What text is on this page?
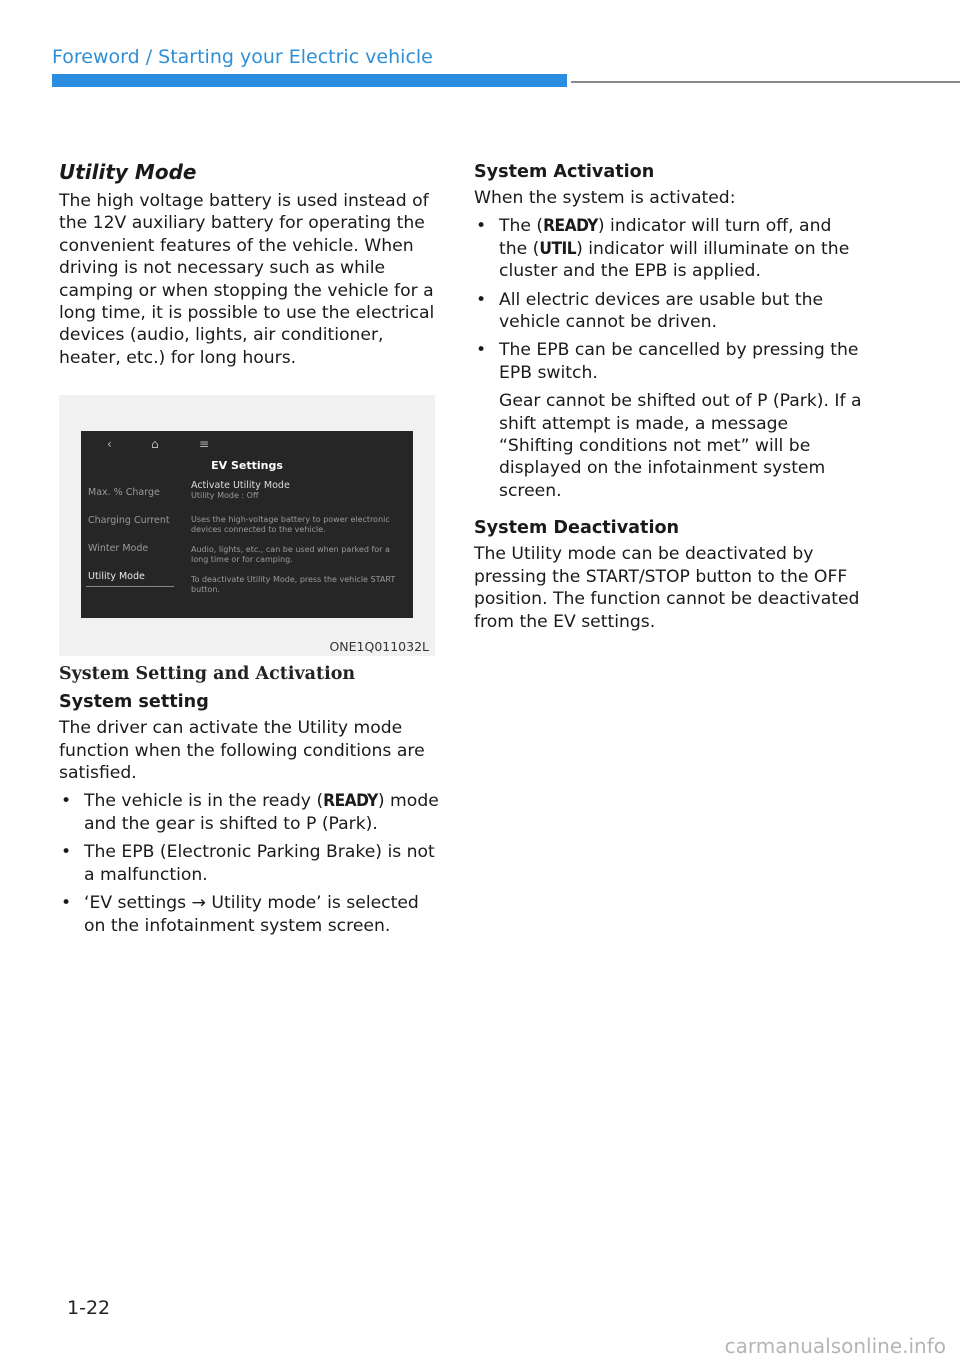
Foreword / Starting your Electric vehicle
Utility Mode

The high voltage battery is used instead of the 12V auxiliary battery for operating the convenient features of the vehicle. When driving is not necessary such as while camping or when stopping the vehicle for a long time, it is possible to use the electrical devices (audio, lights, air conditioner, heater, etc.) for long hours.

‹	⌂	≡
EV Settings
Max. % Charge
Charging Current
Winter Mode
Utility Mode
Activate Utility Mode
Utility Mode : Off
Uses the high-voltage battery to power electronic devices connected to the vehicle.
Audio, lights, etc., can be used when parked for a long time or for camping.
To deactivate Utility Mode, press the vehicle START button.
ONE1Q011032L
System Setting and Activation
System setting

The driver can activate the Utility mode function when the following conditions are satisfied.

• The vehicle is in the ready (READY) mode and the gear is shifted to P (Park).
• The EPB (Electronic Parking Brake) is not a malfunction.
• ‘EV settings → Utility mode’ is selected on the infotainment system screen.
System Activation

When the system is activated:

• The (READY) indicator will turn off, and the (UTIL) indicator will illuminate on the cluster and the EPB is applied.
• All electric devices are usable but the vehicle cannot be driven.
• The EPB can be cancelled by pressing the EPB switch.

Gear cannot be shifted out of P (Park). If a shift attempt is made, a message “Shifting conditions not met” will be displayed on the infotainment system screen.

System Deactivation

The Utility mode can be deactivated by pressing the START/STOP button to the OFF position. The function cannot be deactivated from the EV settings.

1-22
carmanualsonline.info
